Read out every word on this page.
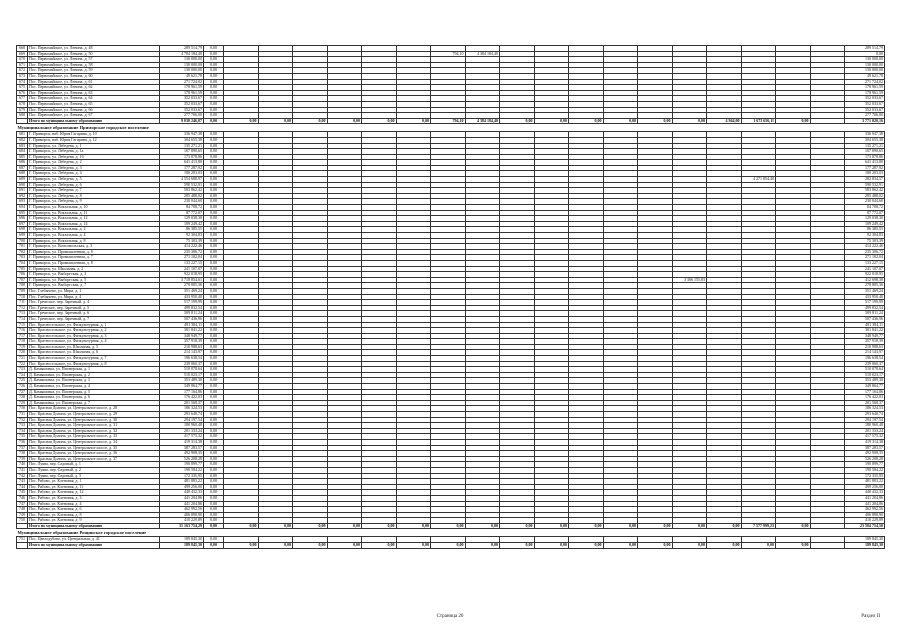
668	Пос. Первомайское, ул. Ленина, д. 48	289 514,79	0,00																			289 514,79
669	Пос. Первомайское, ул. Ленина, д. 50	4 784 184,40	0,00							794,10	4 384 184,40											0,00
670	Пос. Первомайское, ул. Ленина, д. 57	130 000,00	0,00																			130 000,00
671	Пос. Первомайское, ул. Ленина, д. 58	130 000,00	0,00																			130 000,00
672	Пос. Первомайское, ул. Ленина, д. 59	130 000,00	0,00																			130 000,00
673	Пос. Первомайское, ул. Ленина, д. 60	49 621,78	0,00																			49 621,78
674	Пос. Первомайское, ул. Ленина, д. 61	271 724,02	0,00																			271 724,02
675	Пос. Первомайское, ул. Ленина, д. 62	178 961,59	0,00																			178 961,59
676	Пос. Первомайское, ул. Ленина, д. 63	178 961,59	0,00																			178 961,59
677	Пос. Первомайское, ул. Ленина, д. 64	352 033,67	0,00																			352 033,67
678	Пос. Первомайское, ул. Ленина, д. 65	352 033,67	0,00																			352 033,67
679	Пос. Первомайское, ул. Ленина, д. 66	352 033,67	0,00																			352 033,67
680	Пос. Первомайское, ул. Ленина, д. 67	277 706,00	0,00																			277 706,00
	Итого по муниципальному образованию	9 030 246,07	0,00	0,00	0,00	0,00	0,00	0,00	0,00	794,10	4 384 184,40	0,00	0,00	0,00	0,00	0,00	0,00	4 944,00	1 673 656,11	0,00		3 771 020,16
Муниципальное образование Приморское городское поселение																						
681	Г. Приморск, наб. Юрия Гагарина, д. 10	336 947,38	0,00																			336 947,38
682	Г. Приморск, наб. Юрия Гагарина, д. 12	304 655,38	0,00																			304 655,38
683	Г. Приморск, ул. Лебедева, д. 1	135 271,21	0,00																			135 271,21
684	Г. Приморск, ул. Лебедева, д. 1а	107 890,65	0,00																			107 890,65
685	Г. Приморск, ул. Лебедева, д. 1б	173 878,86	0,00																			173 878,86
686	Г. Приморск, ул. Лебедева, д. 2	641 413,80	0,00																			641 413,80
687	Г. Приморск, ул. Лебедева, д. 3	177 287,92	0,00																			177 287,92
688	Г. Приморск, ул. Лебедева, д. 4	180 203,03	0,00																			180 203,03
689	Г. Приморск, ул. Лебедева, д. 5	4 554 688,97	0,00																4 271 854,40			282 834,57
690	Г. Приморск, ул. Лебедева, д. 6	590 532,91	0,00																			590 532,91
691	Г. Приморск, ул. Лебедева, д. 7	583 862,42	0,00																			583 862,42
692	Г. Приморск, ул. Лебедева, д. 8	285 488,02	0,00																			285 488,02
693	Г. Приморск, ул. Лебедева, д. 9	230 044,60	0,00																			230 044,60
694	Г. Приморск, ул. Вокзальная, д. 10	84 708,72	0,00																			84 708,72
695	Г. Приморск, ул. Вокзальная, д. 11	87 772,07	0,00																			87 772,07
696	Г. Приморск, ул. Вокзальная, д. 12	129 038,30	0,00																			129 038,30
697	Г. Приморск, ул. Вокзальная, д. 14	109 249,42	0,00																			109 249,42
698	Г. Приморск, ул. Вокзальная, д. 2	86 385,55	0,00																			86 385,55
699	Г. Приморск, ул. Вокзальная, д. 4	92 304,83	0,00																			92 304,83
700	Г. Приморск, ул. Вокзальная, д. 8	75 303,39	0,00																			75 303,39
701	Г. Приморск, ул. Комсомольская, д. 3	414 222,46	0,00																			414 222,46
702	Г. Приморск, ул. Промышленная, д. 6	235 306,72	0,00																			235 306,72
703	Г. Приморск, ул. Промышленная, д. 7	271 102,04	0,00																			271 102,04
704	Г. Приморск, ул. Промышленная, д. 8	133 227,15	0,00																			133 227,15
705	Г. Приморск, ул. Школьная, д. 2	241 107,07	0,00																			241 107,07
706	Г. Приморск, ул. Выборгская, д. 3	922 018,95	0,00																			922 018,95
707	Г. Приморск, ул. Выборгская, д. 5	3 718 854,61	0,00														3 306 155,83					412 698,38
708	Г. Приморск, ул. Выборгская, д. 7	278 885,36	0,00																			278 885,36
709	Пос. Глебычево, ул. Мира, д. 1	351 469,24	0,00																			351 469,24
710	Пос. Глебычево, ул. Мира, д. 4	433 950,40	0,00																			433 950,40
711	Пос. Греческое, пер. Заречный, д. 4	517 199,99	0,00																			517 199,99
712	Пос. Греческое, пер. Заречный, д. 5	499 832,54	0,00																			499 832,54
713	Пос. Греческое, пер. Заречный, д. 6	509 811,24	0,00																			509 811,24
714	Пос. Греческое, пер. Заречный, д. 7	507 436,96	0,00																			507 436,96
715	Пос. Красносельское, ул. Физкультурная, д. 1	491 384,11	0,00																			491 384,11
716	Пос. Красносельское, ул. Физкультурная, д. 2	301 841,22	0,00																			301 841,22
717	Пос. Красносельское, ул. Физкультурная, д. 3	348 949,77	0,00																			348 949,77
718	Пос. Красносельское, ул. Физкультурная, д. 4	357 918,39	0,00																			357 918,39
719	Пос. Красносельское, ул. Школьная, д. 5	210 988,63	0,00																			210 988,63
720	Пос. Красносельское, ул. Школьная, д. 6	214 143,97	0,00																			214 143,97
721	Пос. Красносельское, ул. Физкультурная, д. 7	196 638,54	0,00																			196 638,54
722	Пос. Красносельское, ул. Физкультурная, д. 8	239 060,37	0,00																			239 060,37
723	Д. Камышовка, ул. Пионерская, д. 1	510 078,64	0,00																			510 078,64
724	Д. Камышовка, ул. Пионерская, д. 2	510 023,17	0,00																			510 023,17
725	Д. Камышовка, ул. Пионерская, д. 3	353 489,30	0,00																			353 489,30
726	Д. Камышовка, ул. Пионерская, д. 4	349 864,77	0,00																			349 864,77
727	Д. Камышовка, ул. Пионерская, д. 5	177 164,86	0,00																			177 164,86
728	Д. Камышовка, ул. Пионерская, д. 6	176 422,03	0,00																			176 422,03
729	Д. Камышовка, ул. Пионерская, д. 7	201 568,37	0,00																			201 568,37
730	Пос. Красная Долина, ул. Центральное шоссе, д. 28	186 324,53	0,00																			186 324,53
731	Пос. Красная Долина, ул. Центральное шоссе, д. 29	293 640,74	0,00																			293 640,74
732	Пос. Красная Долина, ул. Центральное шоссе, д. 30	294 197,54	0,00																			294 197,54
733	Пос. Красная Долина, ул. Центральное шоссе, д. 31	180 960,48	0,00																			180 960,48
734	Пос. Красная Долина, ул. Центральное шоссе, д. 32	201 333,24	0,00																			201 333,24
735	Пос. Красная Долина, ул. Центральное шоссе, д. 33	417 575,32	0,00																			417 575,32
736	Пос. Красная Долина, ул. Центральное шоссе, д. 34	419 314,38	0,00																			419 314,38
737	Пос. Красная Долина, ул. Центральное шоссе, д. 35	387 283,57	0,00																			387 283,57
738	Пос. Красная Долина, ул. Центральное шоссе, д. 36	492 908,35	0,00																			492 908,35
739	Пос. Красная Долина, ул. Центральное шоссе, д. 37	526 208,28	0,00																			526 208,28
740	Пос. Луява, пер. Садовый, д. 1	190 899,77	0,00																			190 899,77
741	Пос. Луява, пер. Садовый, д. 2	190 584,22	0,00																			190 584,22
742	Пос. Луява, пер. Садовый, д. 3	172 335,95	0,00																			172 335,95
743	Пос. Рябово, ул. Кленовая, д. 1	481 883,22	0,00																			481 883,22
744	Пос. Рябово, ул. Кленовая, д. 11	499 256,00	0,00																			499 256,00
745	Пос. Рябово, ул. Кленовая, д. 12	440 432,33	0,00																			440 432,33
746	Пос. Рябово, ул. Кленовая, д. 3	441 204,86	0,00																			441 204,86
747	Пос. Рябово, ул. Кленовая, д. 4	441 204,86	0,00																			441 204,86
748	Пос. Рябово, ул. Кленовая, д. 6	462 992,56	0,00																			462 992,56
749	Пос. Рябово, ул. Кленовая, д. 8	406 890,90	0,00																			406 890,90
750	Пос. Рябово, ул. Кленовая, д. 9	410 229,89	0,00																			410 229,89
	Итого по муниципальному образованию	31 163 754,29	0,00	0,00	0,00	0,00	0,00	0,00	0,00	0,00	0,00	0,00	0,00	0,00	0,00	0,00	0,00	0,00	7 577 999,23	0,00		23 584 754,50
Муниципальное образование Рощинское городское поселение																						
751	Пос. Цвелодубово, ул. Центральная, д. 41	189 845,30	0,00																			189 845,30
	Итого по муниципальному образованию	189 845,30	0,00	0,00	0,00	0,00	0,00	0,00	0,00	0,00	0,00	0,00	0,00	0,00	0,00	0,00	0,00	0,00	0,00	0,00		189 845,30
Страница 20	Раздел II
